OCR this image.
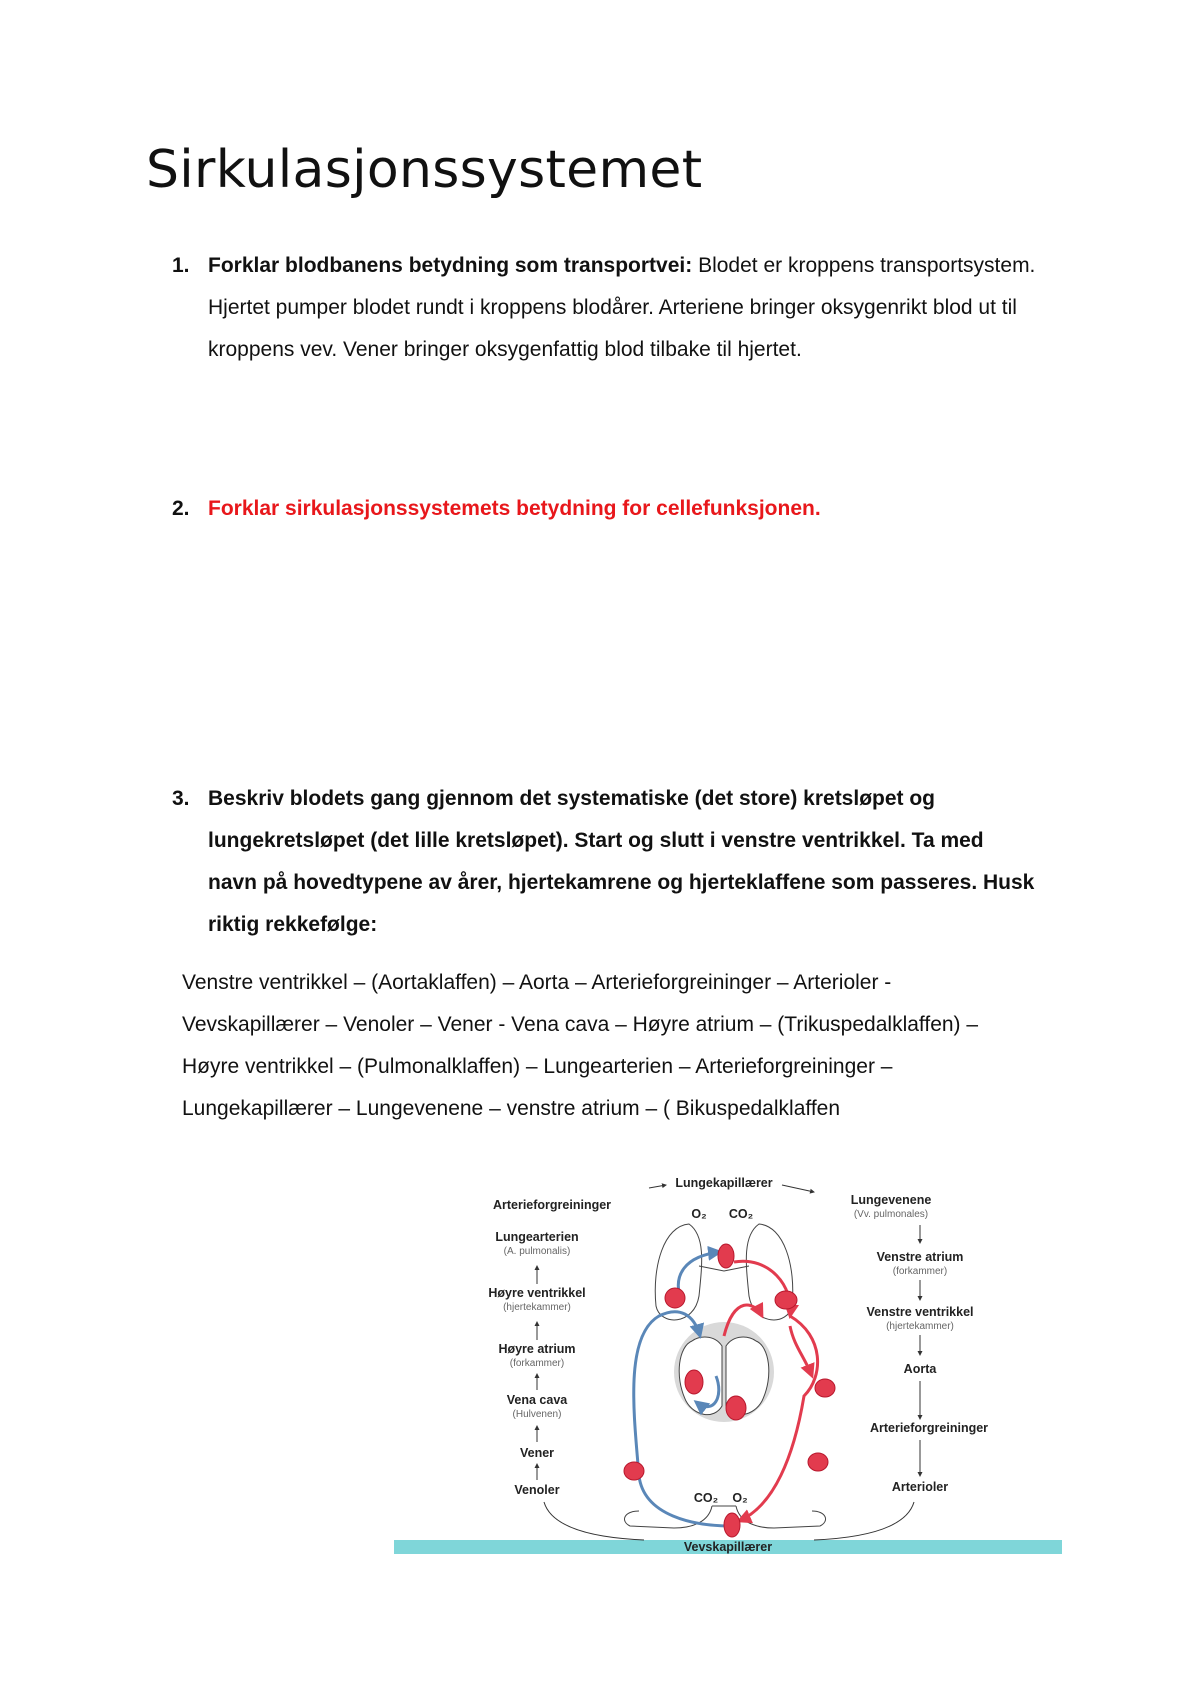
Sirkulasjonssystemet
1. Forklar blodbanens betydning som transportvei: Blodet er kroppens transportsystem. Hjertet pumper blodet rundt i kroppens blodårer. Arteriene bringer oksygenrikt blod ut til kroppens vev. Vener bringer oksygenfattig blod tilbake til hjertet.
2. Forklar sirkulasjonssystemets betydning for cellefunksjonen.
3. Beskriv blodets gang gjennom det systematiske (det store) kretsløpet og lungekretsløpet (det lille kretsløpet). Start og slutt i venstre ventrikkel. Ta med navn på hovedtypene av årer, hjertekamrene og hjerteklaffene som passeres. Husk riktig rekkefølge:
Venstre ventrikkel – (Aortaklaffen) – Aorta – Arterieforgreininger – Arterioler - Vevskapillærer – Venoler – Vener - Vena cava – Høyre atrium – (Trikuspedalklaffen) – Høyre ventrikkel – (Pulmonalklaffen) – Lungearterien – Arterieforgreininger – Lungekapillærer – Lungevenene – venstre atrium – ( Bikuspedalklaffen
Vevskapillærer
Lungekapillærer
Arterieforgreininger
O₂ CO₂
Lungearterien
(A. pulmonalis)
Høyre ventrikkel
(hjertekammer)
Høyre atrium
(forkammer)
Vena cava
(Hulvenen)
Vener
Venoler
Lungevenene
(Vv. pulmonales)
Venstre atrium
(forkammer)
Venstre ventrikkel
(hjertekammer)
Aorta
Arterieforgreininger
Arterioler
CO₂ O₂
